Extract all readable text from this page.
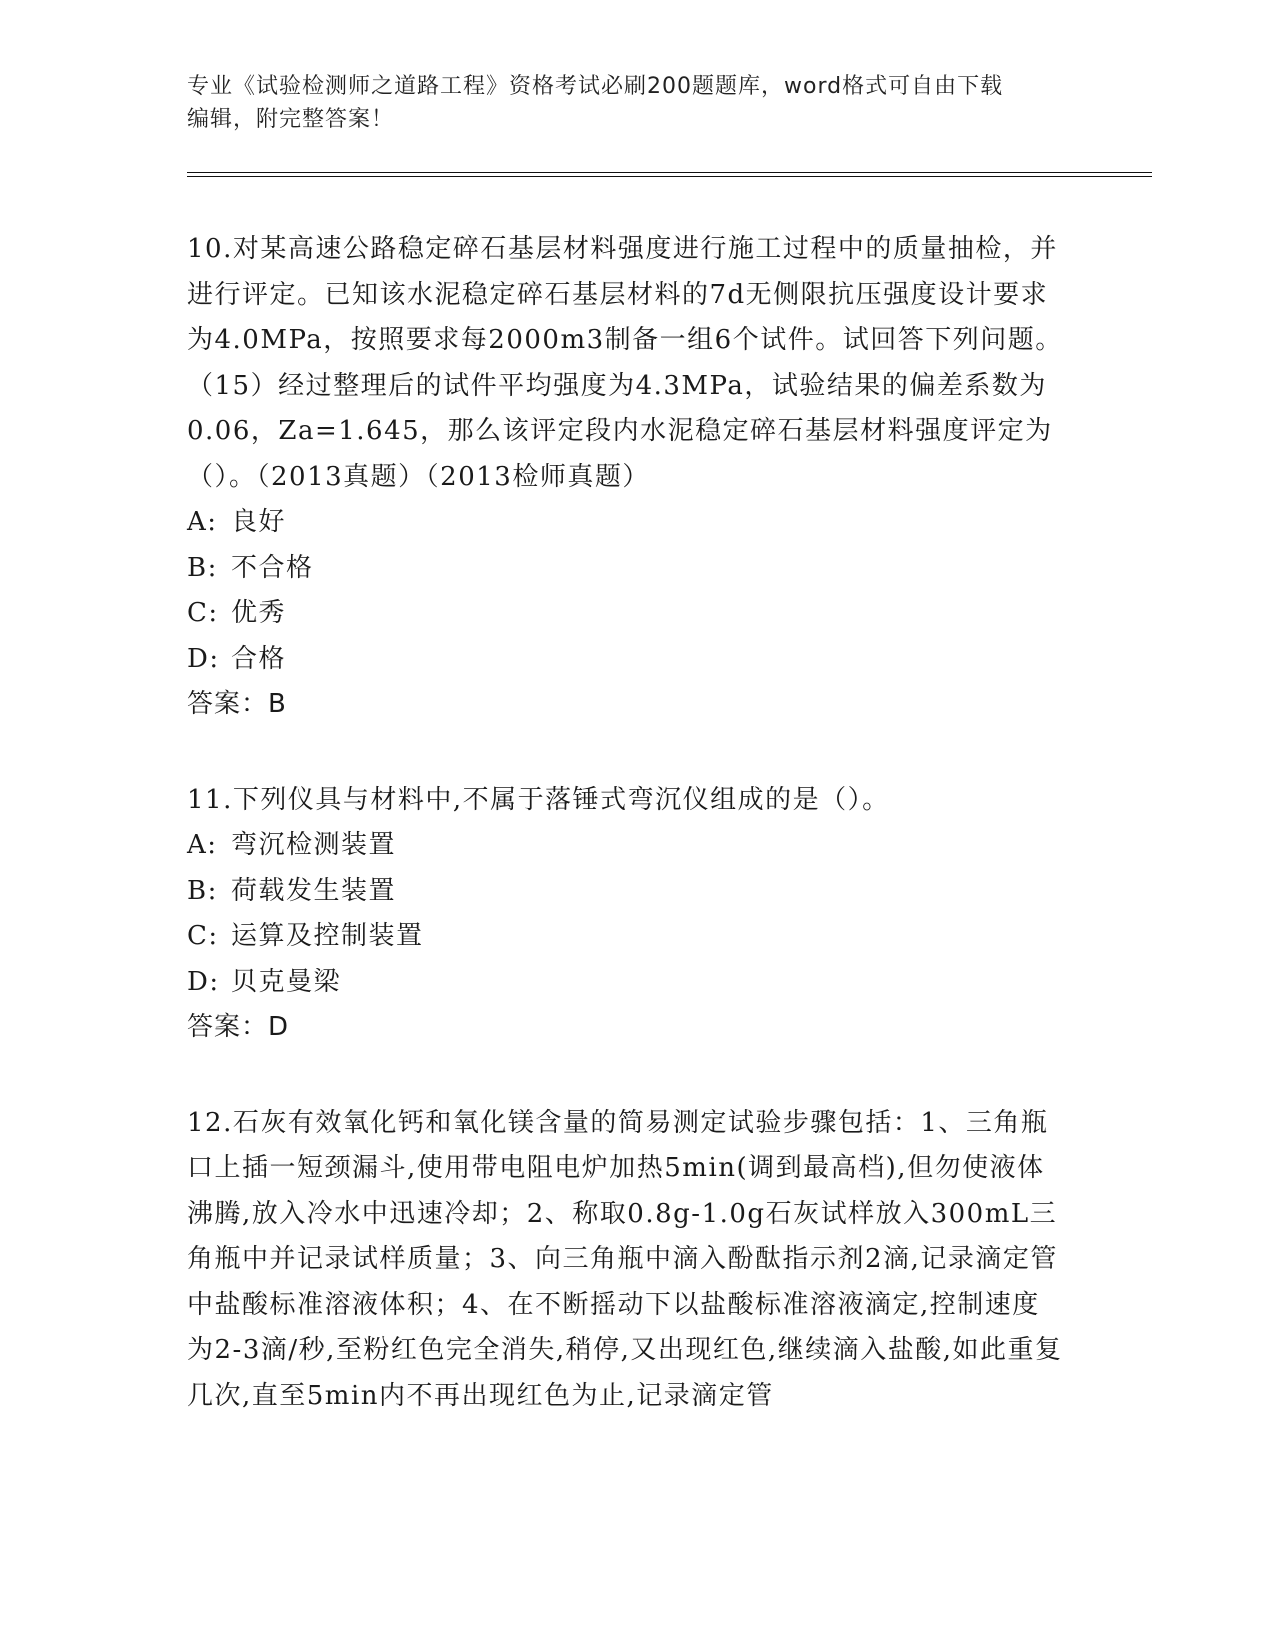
专业《试验检测师之道路工程》资格考试必刷200题题库，word格式可自由下载

编辑，附完整答案！

10.对某高速公路稳定碎石基层材料强度进行施工过程中的质量抽检，并进行评定。已知该水泥稳定碎石基层材料的7d无侧限抗压强度设计要求为4.0MPa，按照要求每2000m3制备一组6个试件。试回答下列问题。（15）经过整理后的试件平均强度为4.3MPa，试验结果的偏差系数为0.06，Za=1.645，那么该评定段内水泥稳定碎石基层材料强度评定为（）。（2013真题）（2013检师真题）

A: 良好

B: 不合格

C: 优秀

D: 合格

答案：B

11.下列仪具与材料中,不属于落锤式弯沉仪组成的是（）。

A: 弯沉检测装置

B: 荷载发生装置

C: 运算及控制装置

D: 贝克曼梁

答案：D

12.石灰有效氧化钙和氧化镁含量的简易测定试验步骤包括：1、三角瓶口上插一短颈漏斗,使用带电阻电炉加热5min(调到最高档),但勿使液体沸腾,放入冷水中迅速冷却；2、称取0.8g-1.0g石灰试样放入300mL三角瓶中并记录试样质量；3、向三角瓶中滴入酚酞指示剂2滴,记录滴定管中盐酸标准溶液体积；4、在不断摇动下以盐酸标准溶液滴定,控制速度为2-3滴/秒,至粉红色完全消失,稍停,又出现红色,继续滴入盐酸,如此重复几次,直至5min内不再出现红色为止,记录滴定管
